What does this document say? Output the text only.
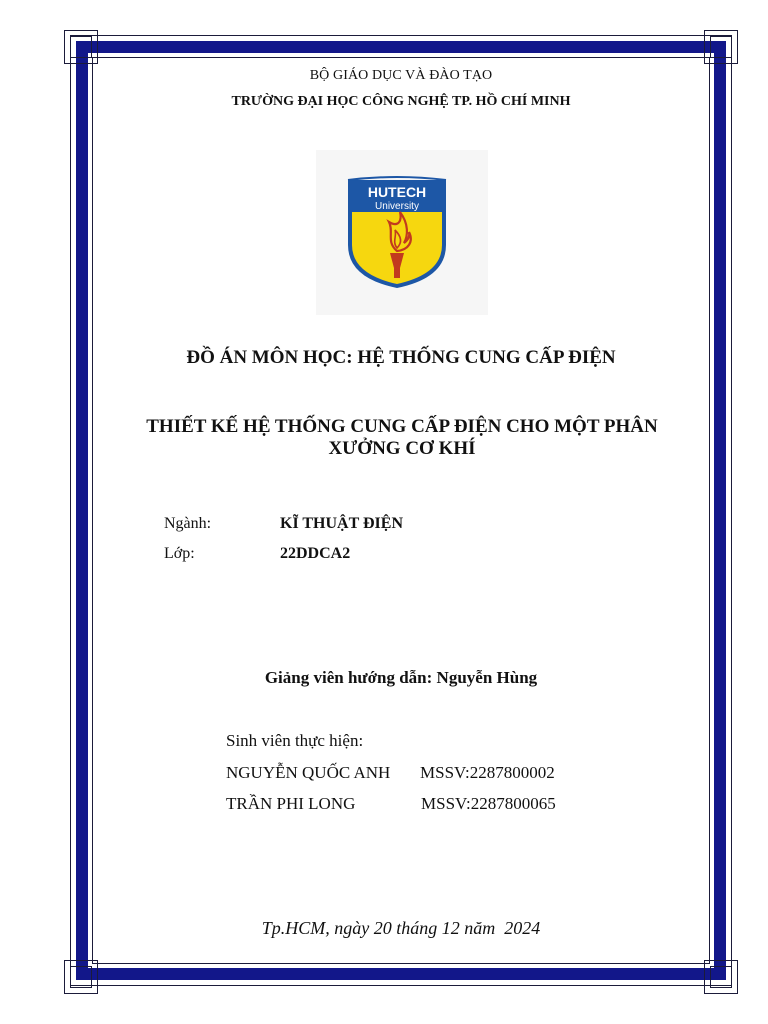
BỘ GIÁO DỤC VÀ ĐÀO TẠO
TRƯỜNG ĐẠI HỌC CÔNG NGHỆ TP. HỒ CHÍ MINH
HUTECH
University
ĐỒ ÁN MÔN HỌC: HỆ THỐNG CUNG CẤP ĐIỆN
THIẾT KẾ HỆ THỐNG CUNG CẤP ĐIỆN CHO MỘT PHÂN
XƯỞNG CƠ KHÍ
Ngành:	KĨ THUẬT ĐIỆN
Lớp:	22DDCA2
Giảng viên hướng dẫn: Nguyễn Hùng
Sinh viên thực hiện:
NGUYỄN QUỐC ANH MSSV:2287800002
TRẦN PHI LONG	MSSV:2287800065
Tp.HCM, ngày 20 tháng 12 năm  2024
